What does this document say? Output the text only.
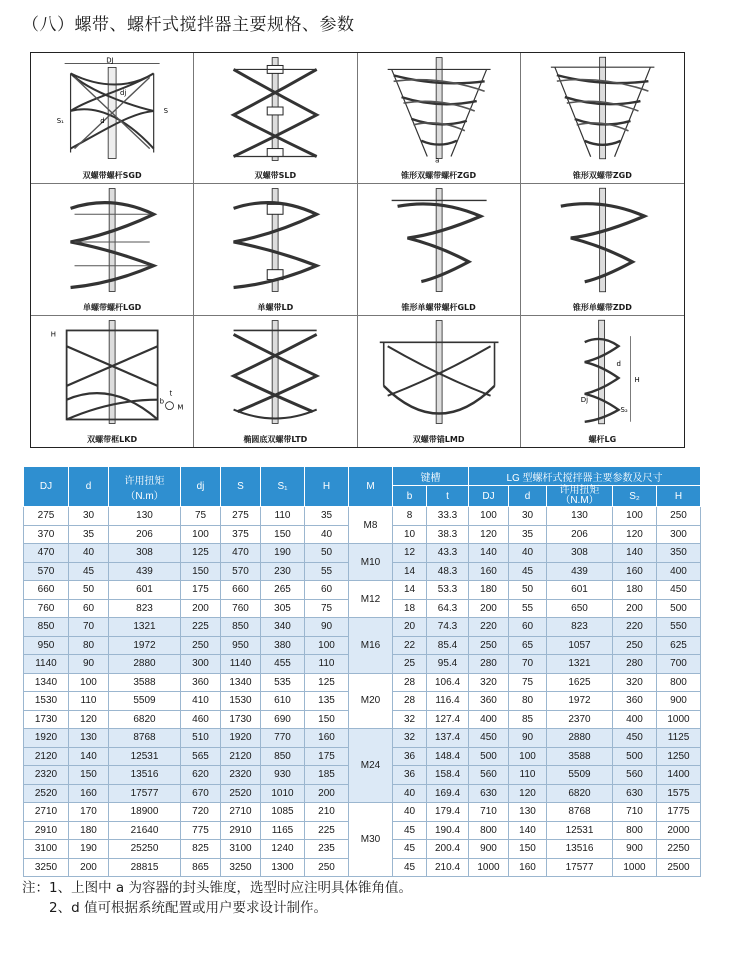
（八）螺带、螺杆式搅拌器主要规格、参数
DJ
S
S₁
dj
d
双螺带螺杆SGD	双螺带SLD
a
锥形双螺带螺杆ZGD	锥形双螺带ZGD
单螺带螺杆LGD	单螺带LD	锥形单螺带螺杆GLD	锥形单螺带ZDD
H
b
t
M
双螺带框LKD	椭圆底双螺带LTD	双螺带锚LMD
H
d
Dj
S₂
螺杆LG
DJ	d	许用扭矩
（N.m）	dj	S	S₁	H	M	键槽		LG 型螺杆式搅拌器主要参数及尺寸				
								b	t	DJ	d	许用扭矩
（N.M）	S₂	H
275	30	130	75	275	110	35	M8	8	33.3	100	30	130	100	250
370	35	206	100	375	150	40		10	38.3	120	35	206	120	300
470	40	308	125	470	190	50	M10	12	43.3	140	40	308	140	350
570	45	439	150	570	230	55		14	48.3	160	45	439	160	400
660	50	601	175	660	265	60	M12	14	53.3	180	50	601	180	450
760	60	823	200	760	305	75		18	64.3	200	55	650	200	500
850	70	1321	225	850	340	90	M16	20	74.3	220	60	823	220	550
950	80	1972	250	950	380	100		22	85.4	250	65	1057	250	625
1140	90	2880	300	1140	455	110		25	95.4	280	70	1321	280	700
1340	100	3588	360	1340	535	125	M20	28	106.4	320	75	1625	320	800
1530	110	5509	410	1530	610	135		28	116.4	360	80	1972	360	900
1730	120	6820	460	1730	690	150		32	127.4	400	85	2370	400	1000
1920	130	8768	510	1920	770	160	M24	32	137.4	450	90	2880	450	1125
2120	140	12531	565	2120	850	175		36	148.4	500	100	3588	500	1250
2320	150	13516	620	2320	930	185		36	158.4	560	110	5509	560	1400
2520	160	17577	670	2520	1010	200		40	169.4	630	120	6820	630	1575
2710	170	18900	720	2710	1085	210	M30	40	179.4	710	130	8768	710	1775
2910	180	21640	775	2910	1165	225		45	190.4	800	140	12531	800	2000
3100	190	25250	825	3100	1240	235		45	200.4	900	150	13516	900	2250
3250	200	28815	865	3250	1300	250		45	210.4	1000	160	17577	1000	2500
注：1、上图中 a 为容器的封头锥度，选型时应注明具体锥角值。
2、d 值可根据系统配置或用户要求设计制作。
